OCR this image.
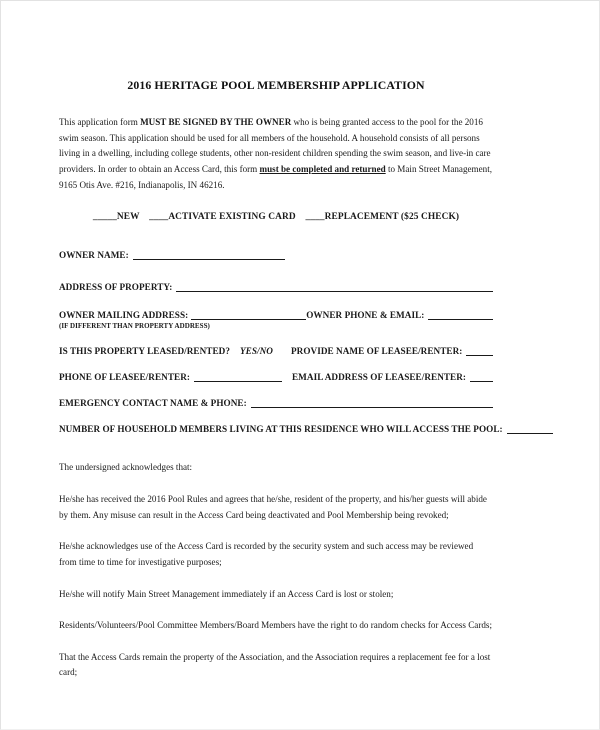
2016 HERITAGE POOL MEMBERSHIP APPLICATION

This application form MUST BE SIGNED BY THE OWNER who is being granted access to the pool for the 2016 swim season. This application should be used for all members of the household. A household consists of all persons living in a dwelling, including college students, other non-resident children spending the swim season, and live-in care providers. In order to obtain an Access Card, this form must be completed and returned to Main Street Management, 9165 Otis Ave. #216, Indianapolis, IN 46216.

_____NEW    ____ACTIVATE EXISTING CARD    ____REPLACEMENT ($25 CHECK)

OWNER NAME:
ADDRESS OF PROPERTY:
OWNER MAILING ADDRESS:	OWNER PHONE & EMAIL:
(IF DIFFERENT THAN PROPERTY ADDRESS)
IS THIS PROPERTY LEASED/RENTED? YES/NO PROVIDE NAME OF LEASEE/RENTER:
PHONE OF LEASEE/RENTER:	EMAIL ADDRESS OF LEASEE/RENTER:
EMERGENCY CONTACT NAME & PHONE:
NUMBER OF HOUSEHOLD MEMBERS LIVING AT THIS RESIDENCE WHO WILL ACCESS THE POOL:

The undersigned acknowledges that:

He/she has received the 2016 Pool Rules and agrees that he/she, resident of the property, and his/her guests will abide by them. Any misuse can result in the Access Card being deactivated and Pool Membership being revoked;

He/she acknowledges use of the Access Card is recorded by the security system and such access may be reviewed from time to time for investigative purposes;

He/she will notify Main Street Management immediately if an Access Card is lost or stolen;

Residents/Volunteers/Pool Committee Members/Board Members have the right to do random checks for Access Cards;

That the Access Cards remain the property of the Association, and the Association requires a replacement fee for a lost card;
